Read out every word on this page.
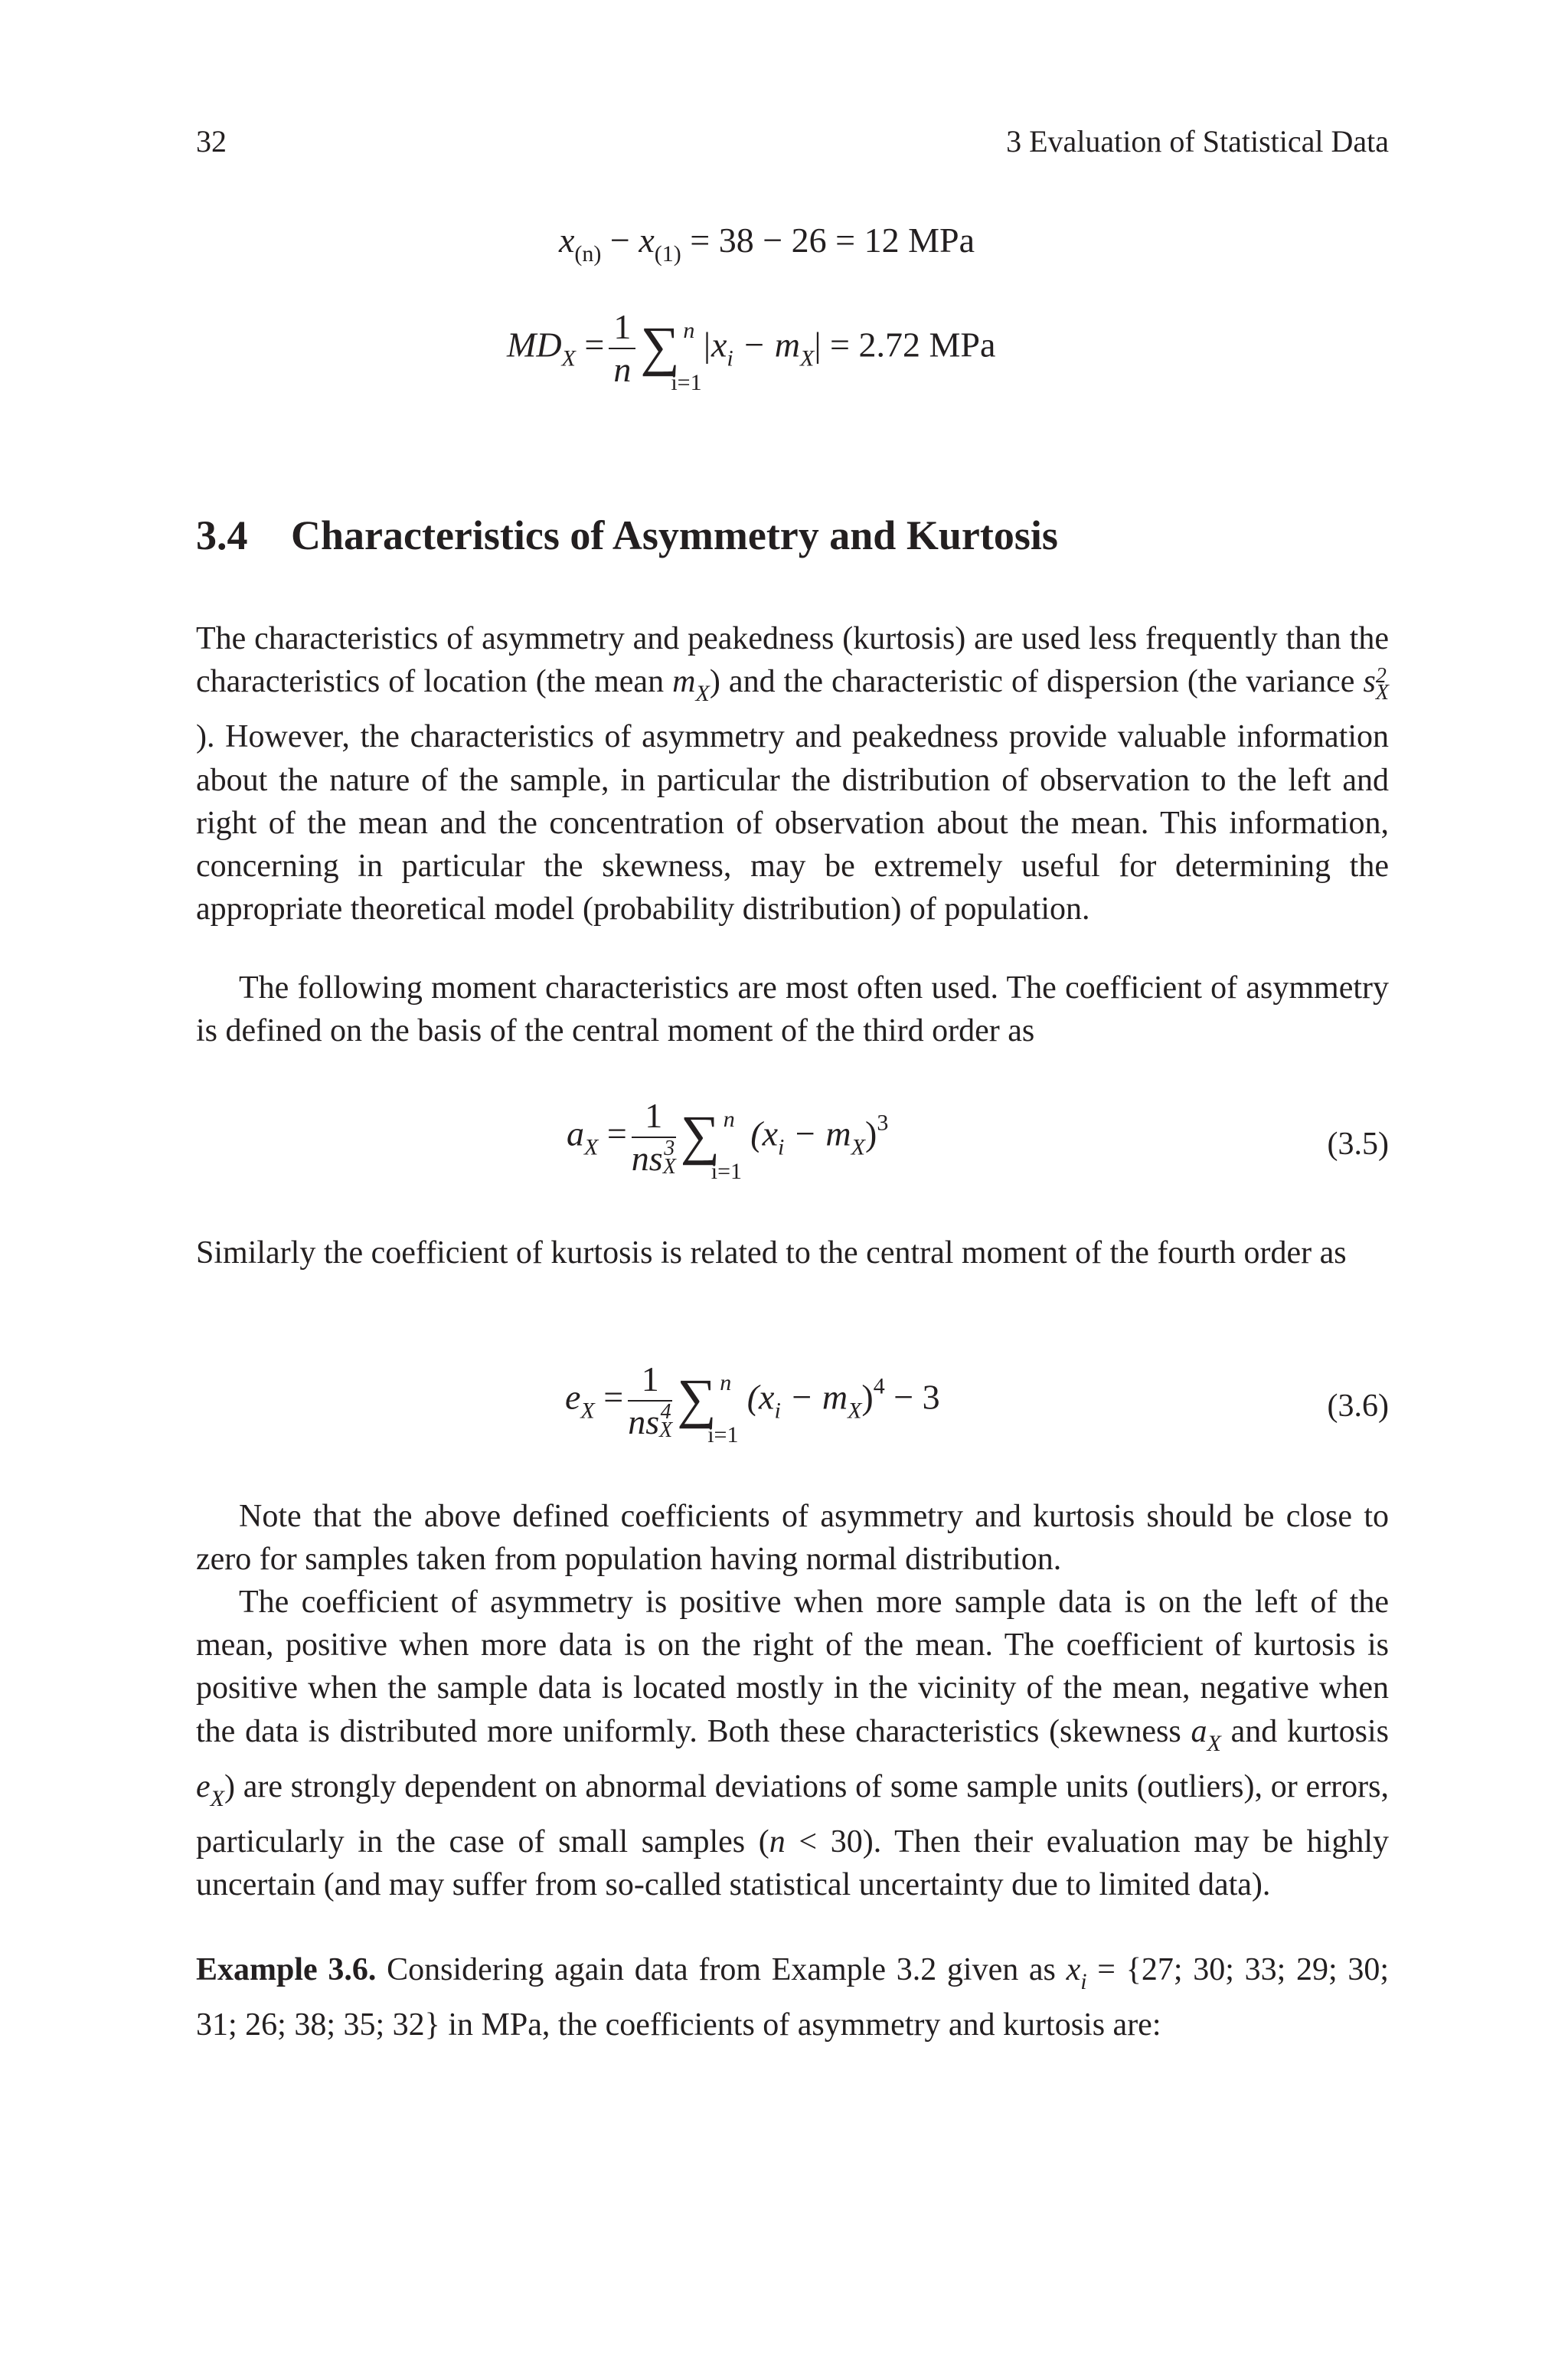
32	3 Evaluation of Statistical Data
$x_{(n)} - x_{(1)} = 38 - 26 = 12$ MPa
$MD_X = \frac{1}{n}$ ∑ n
i=1
$|x_i - m_X| = 2.72$ MPa
3.4 Characteristics of Asymmetry and Kurtosis

The characteristics of asymmetry and peakedness (kurtosis) are used less frequently than the characteristics of location (the mean $m_X$) and the characteristic of dispersion (the variance s 2
X
). However, the characteristics of asymmetry and peakedness provide valuable information about the nature of the sample, in particular the distribution of observation to the left and right of the mean and the concentration of observation about the mean. This information, concerning in particular the skewness, may be extremely useful for determining the appropriate theoretical model (probability distribution) of population.

The following moment characteristics are most often used. The coefficient of asymmetry is defined on the basis of the central moment of the third order as

$a_X = 1$
ns 3
X ∑ n
i=1
$(x_i - m_X)^3$
(3.5)

Similarly the coefficient of kurtosis is related to the central moment of the fourth order as

$e_X = 1$
ns 4
X ∑ n
i=1
$(x_i - m_X)^4 - 3$	(3.6)

Note that the above defined coefficients of asymmetry and kurtosis should be close to zero for samples taken from population having normal distribution.

The coefficient of asymmetry is positive when more sample data is on the left of the mean, positive when more data is on the right of the mean. The coefficient of kurtosis is positive when the sample data is located mostly in the vicinity of the mean, negative when the data is distributed more uniformly. Both these characteristics (skewness $a_X$ and kurtosis $e_X$) are strongly dependent on abnormal deviations of some sample units (outliers), or errors, particularly in the case of small samples (n < 30). Then their evaluation may be highly uncertain (and may suffer from so-called statistical uncertainty due to limited data).

Example 3.6. Considering again data from Example 3.2 given as $x_i = \{27$; 30; 33; 29; 30; 31; 26; 38; 35; 32} in MPa, the coefficients of asymmetry and kurtosis are:
